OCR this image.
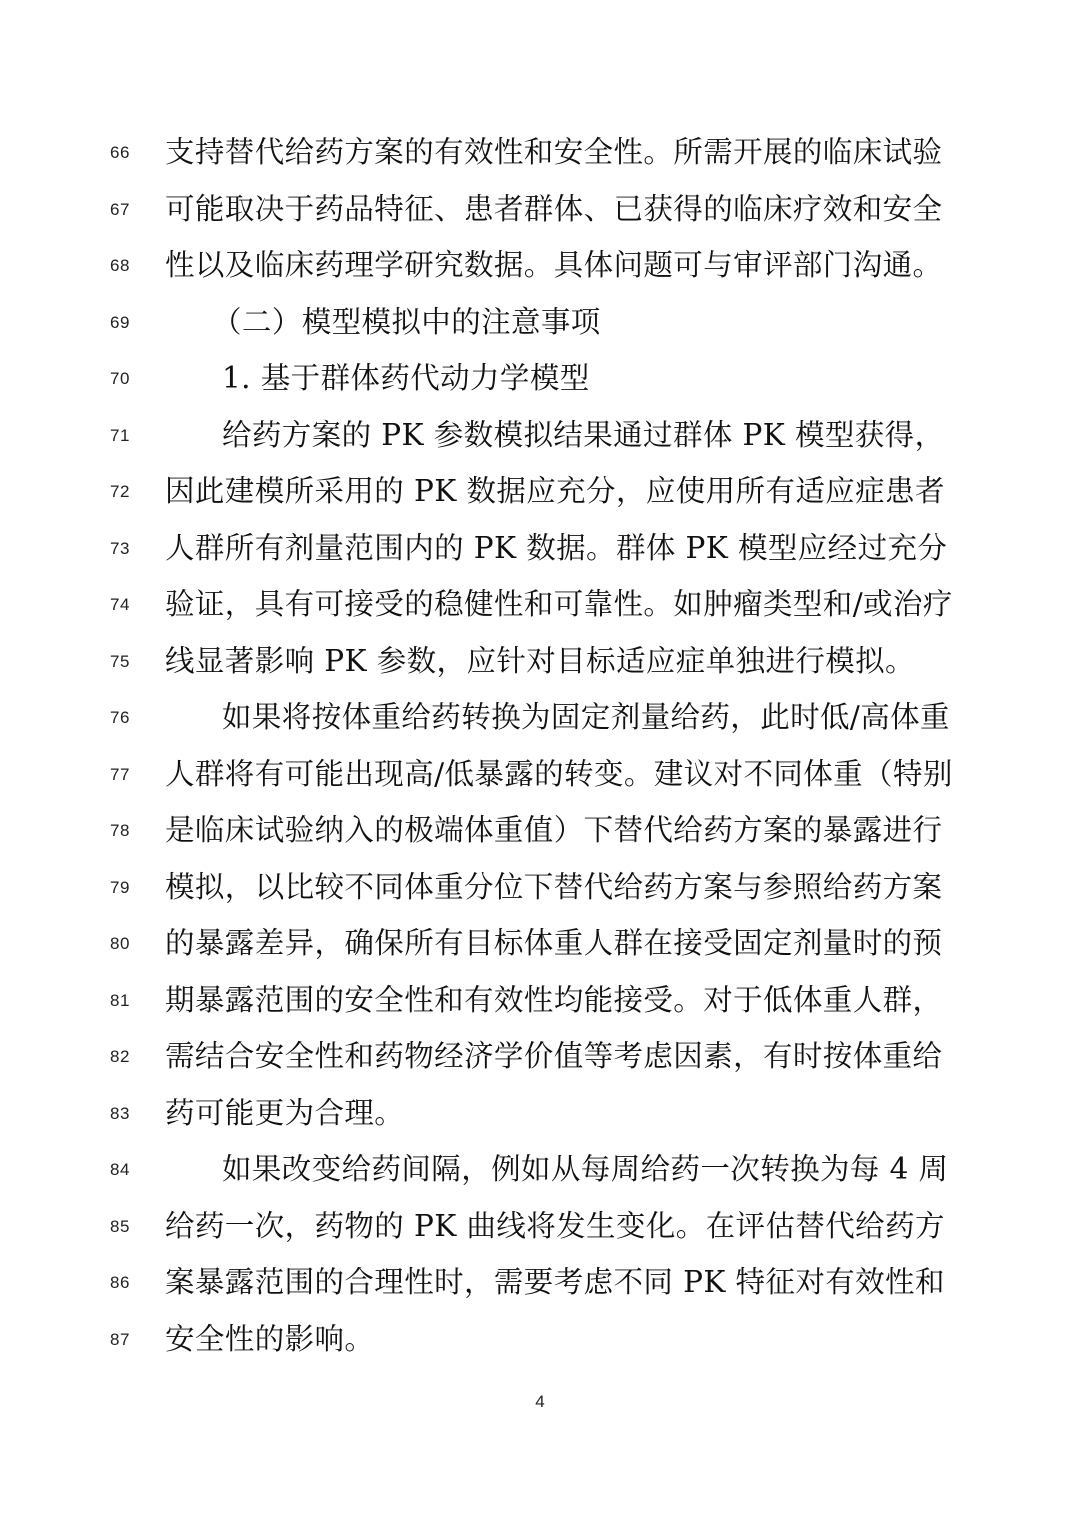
66	支持替代给药方案的有效性和安全性。所需开展的临床试验
67	可能取决于药品特征、患者群体、已获得的临床疗效和安全
68	性以及临床药理学研究数据。具体问题可与审评部门沟通。
69	（二）模型模拟中的注意事项
70	1. 基于群体药代动力学模型
71	给药方案的 PK 参数模拟结果通过群体 PK 模型获得，
72	因此建模所采用的 PK 数据应充分，应使用所有适应症患者
73	人群所有剂量范围内的 PK 数据。群体 PK 模型应经过充分
74	验证，具有可接受的稳健性和可靠性。如肿瘤类型和/或治疗
75	线显著影响 PK 参数，应针对目标适应症单独进行模拟。
76	如果将按体重给药转换为固定剂量给药，此时低/高体重
77	人群将有可能出现高/低暴露的转变。建议对不同体重（特别
78	是临床试验纳入的极端体重值）下替代给药方案的暴露进行
79	模拟，以比较不同体重分位下替代给药方案与参照给药方案
80	的暴露差异，确保所有目标体重人群在接受固定剂量时的预
81	期暴露范围的安全性和有效性均能接受。对于低体重人群，
82	需结合安全性和药物经济学价值等考虑因素，有时按体重给
83	药可能更为合理。
84	如果改变给药间隔，例如从每周给药一次转换为每 4 周
85	给药一次，药物的 PK 曲线将发生变化。在评估替代给药方
86	案暴露范围的合理性时，需要考虑不同 PK 特征对有效性和
87	安全性的影响。
4
